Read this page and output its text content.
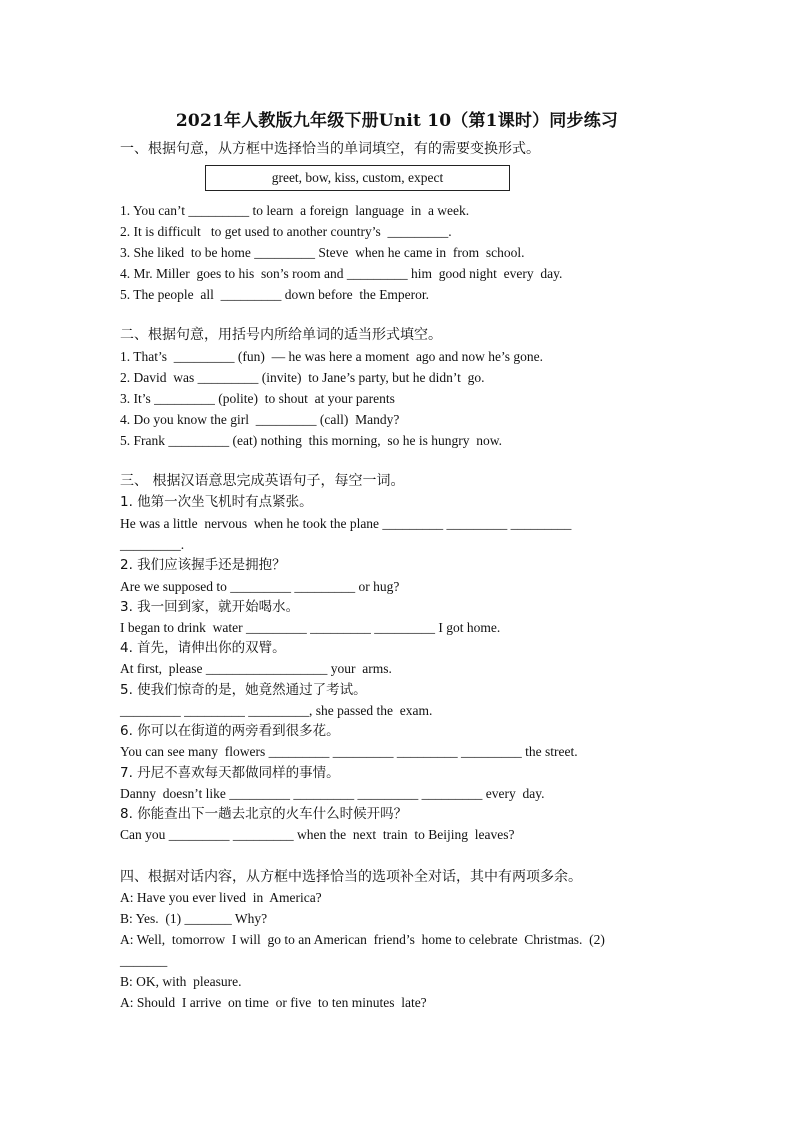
2021年人教版九年级下册Unit 10（第1课时）同步练习
一、根据句意，从方框中选择恰当的单词填空，有的需要变换形式。
greet, bow, kiss, custom, expect
1. You can’t _________ to learn  a foreign  language  in  a week.
2. It is difficult   to get used to another country’s  _________.
3. She liked  to be home _________ Steve  when he came in  from  school.
4. Mr. Miller  goes to his  son’s room and _________ him  good night  every  day.
5. The people  all  _________ down before  the Emperor.
二、根据句意，用括号内所给单词的适当形式填空。
1. That’s  _________ (fun)  — he was here a moment  ago and now he’s gone.
2. David  was _________ (invite)  to Jane’s party, but he didn’t  go.
3. It’s _________ (polite)  to shout  at your parents
4. Do you know the girl  _________ (call)  Mandy?
5. Frank _________ (eat) nothing  this morning,  so he is hungry  now.
三、 根据汉语意思完成英语句子，每空一词。
1. 他第一次坐飞机时有点紧张。
He was a little  nervous  when he took the plane _________ _________ _________
_________.
2. 我们应该握手还是拥抱？
Are we supposed to _________ _________ or hug?
3. 我一回到家，就开始喝水。
I began to drink  water _________ _________ _________ I got home.
4. 首先，请伸出你的双臂。
At first,  please __________________ your  arms.
5. 使我们惊奇的是，她竟然通过了考试。
_________ _________ _________, she passed the  exam.
6. 你可以在街道的两旁看到很多花。
You can see many  flowers _________ _________ _________ _________ the street.
7. 丹尼不喜欢每天都做同样的事情。
Danny  doesn’t like _________ _________ _________ _________ every  day.
8. 你能查出下一趟去北京的火车什么时候开吗？
Can you _________ _________ when the  next  train  to Beijing  leaves?
四、根据对话内容，从方框中选择恰当的选项补全对话，其中有两项多余。
A: Have you ever lived  in  America?
B: Yes.  (1) _______ Why?
A: Well,  tomorrow  I will  go to an American  friend’s  home to celebrate  Christmas.  (2)
_______
B: OK, with  pleasure.
A: Should  I arrive  on time  or five  to ten minutes  late?
